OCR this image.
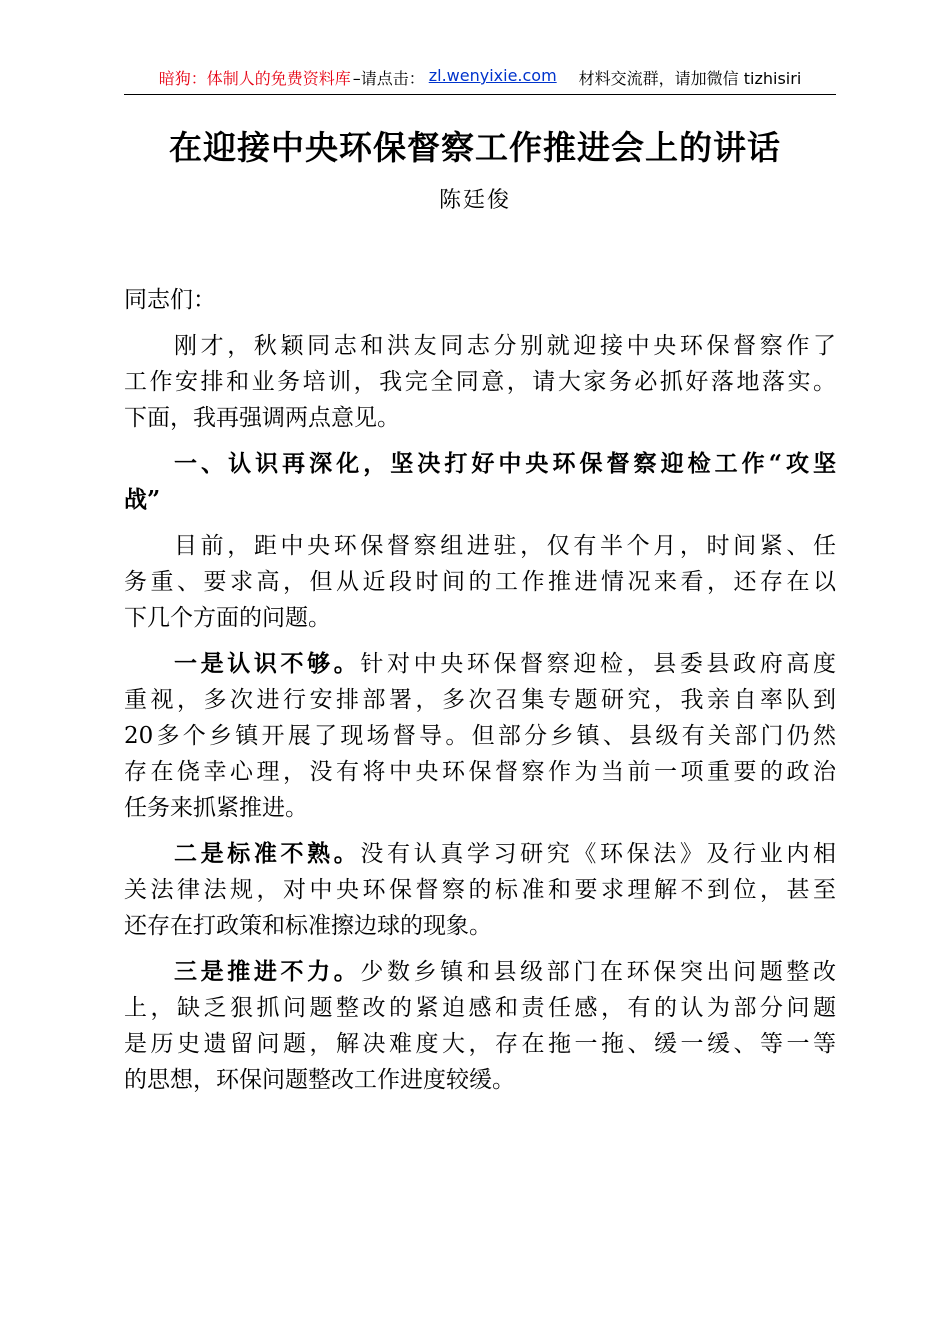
暗狗：体制人的免费资料库 –请点击： zl.wenyixie.com 材料交流群，请加微信 tizhisiri
在迎接中央环保督察工作推进会上的讲话
陈廷俊
同志们：
刚才，秋颖同志和洪友同志分别就迎接中央环保督察作了
工作安排和业务培训，我完全同意，请大家务必抓好落地落实。
下面，我再强调两点意见。
一、认识再深化，坚决打好中央环保督察迎检工作“攻坚
战”
目前，距中央环保督察组进驻，仅有半个月，时间紧、任
务重、要求高，但从近段时间的工作推进情况来看，还存在以
下几个方面的问题。
一是认识不够。针对中央环保督察迎检，县委县政府高度
重视，多次进行安排部署，多次召集专题研究，我亲自率队到
20多个乡镇开展了现场督导。但部分乡镇、县级有关部门仍然
存在侥幸心理，没有将中央环保督察作为当前一项重要的政治
任务来抓紧推进。
二是标准不熟。没有认真学习研究《环保法》及行业内相
关法律法规，对中央环保督察的标准和要求理解不到位，甚至
还存在打政策和标准擦边球的现象。
三是推进不力。少数乡镇和县级部门在环保突出问题整改
上，缺乏狠抓问题整改的紧迫感和责任感，有的认为部分问题
是历史遗留问题，解决难度大，存在拖一拖、缓一缓、等一等
的思想，环保问题整改工作进度较缓。
